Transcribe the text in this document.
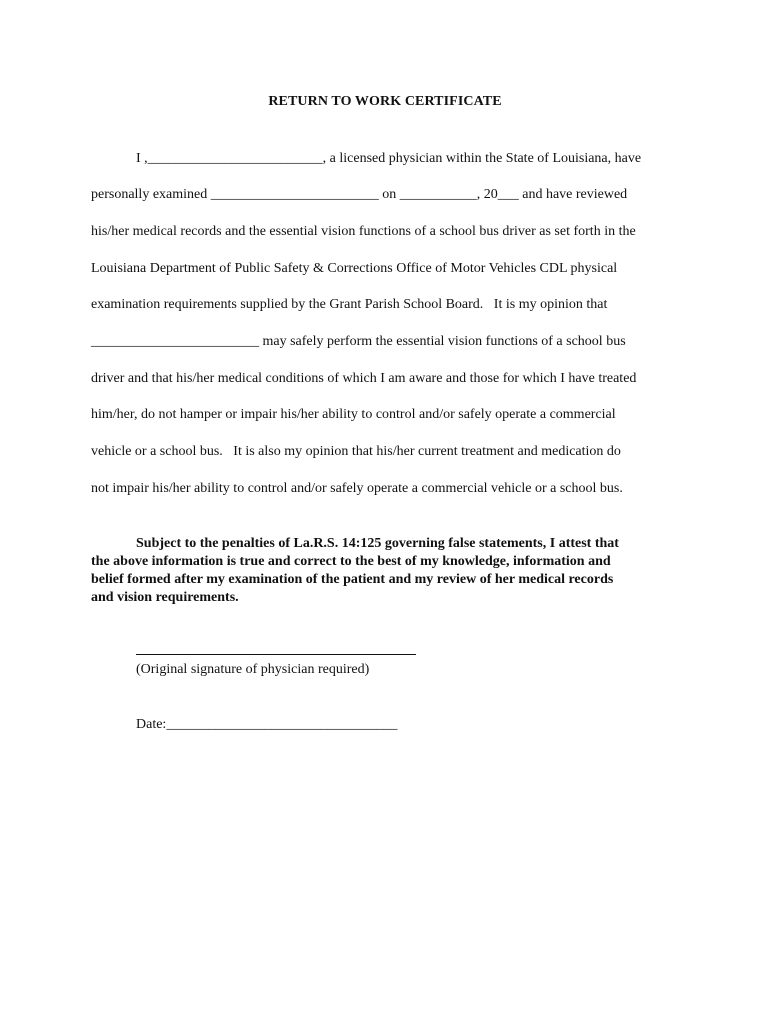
RETURN TO WORK CERTIFICATE
I ,_________________________, a licensed physician within the State of Louisiana, have
personally examined ________________________ on ___________, 20___ and have reviewed
his/her medical records and the essential vision functions of a school bus driver as set forth in the
Louisiana Department of Public Safety & Corrections Office of Motor Vehicles CDL physical
examination requirements supplied by the Grant Parish School Board.   It is my opinion that
________________________ may safely perform the essential vision functions of a school bus
driver and that his/her medical conditions of which I am aware and those for which I have treated
him/her, do not hamper or impair his/her ability to control and/or safely operate a commercial
vehicle or a school bus.   It is also my opinion that his/her current treatment and medication do
not impair his/her ability to control and/or safely operate a commercial vehicle or a school bus.
Subject to the penalties of La.R.S. 14:125 governing false statements, I attest that
the above information is true and correct to the best of my knowledge, information and
belief formed after my examination of the patient and my review of her medical records
and vision requirements.
(Original signature of physician required)
Date:_________________________________
